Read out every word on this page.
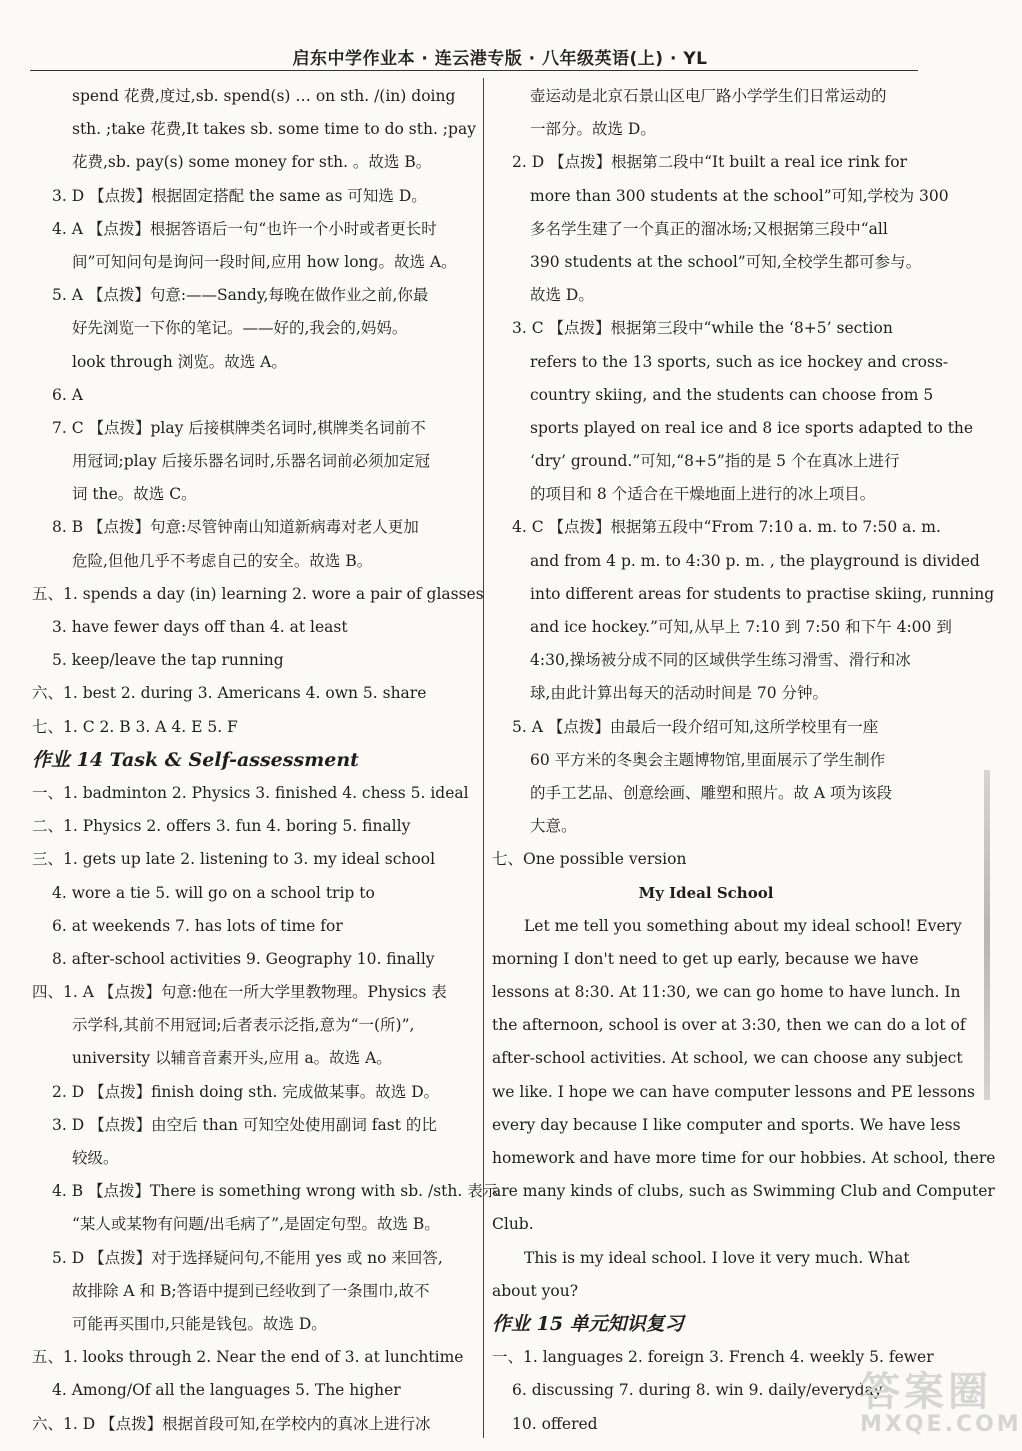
启东中学作业本 · 连云港专版 · 八年级英语(上) · YL
spend 花费,度过,sb. spend(s) … on sth. /(in) doing
sth. ;take 花费,It takes sb. some time to do sth. ;pay
花费,sb. pay(s) some money for sth. 。故选 B。
3. D 【点拨】根据固定搭配 the same as 可知选 D。
4. A 【点拨】根据答语后一句“也许一个小时或者更长时
间”可知问句是询问一段时间,应用 how long。故选 A。
5. A 【点拨】句意:——Sandy,每晚在做作业之前,你最
好先浏览一下你的笔记。——好的,我会的,妈妈。
look through 浏览。故选 A。
6. A
7. C 【点拨】play 后接棋牌类名词时,棋牌类名词前不
用冠词;play 后接乐器名词时,乐器名词前必须加定冠
词 the。故选 C。
8. B 【点拨】句意:尽管钟南山知道新病毒对老人更加
危险,但他几乎不考虑自己的安全。故选 B。
五、1. spends a day (in) learning 2. wore a pair of glasses
3. have fewer days off than 4. at least
5. keep/leave the tap running
六、1. best 2. during 3. Americans 4. own 5. share
七、1. C 2. B 3. A 4. E 5. F
作业 14 Task & Self-assessment
一、1. badminton 2. Physics 3. finished 4. chess 5. ideal
二、1. Physics 2. offers 3. fun 4. boring 5. finally
三、1. gets up late 2. listening to 3. my ideal school
4. wore a tie 5. will go on a school trip to
6. at weekends 7. has lots of time for
8. after-school activities 9. Geography 10. finally
四、1. A 【点拨】句意:他在一所大学里教物理。Physics 表
示学科,其前不用冠词;后者表示泛指,意为“一(所)”,
university 以辅音音素开头,应用 a。故选 A。
2. D 【点拨】finish doing sth. 完成做某事。故选 D。
3. D 【点拨】由空后 than 可知空处使用副词 fast 的比
较级。
4. B 【点拨】There is something wrong with sb. /sth. 表示
“某人或某物有问题/出毛病了”,是固定句型。故选 B。
5. D 【点拨】对于选择疑问句,不能用 yes 或 no 来回答,
故排除 A 和 B;答语中提到已经收到了一条围巾,故不
可能再买围巾,只能是钱包。故选 D。
五、1. looks through 2. Near the end of 3. at lunchtime
4. Among/Of all the languages 5. The higher
六、1. D 【点拨】根据首段可知,在学校内的真冰上进行冰
壶运动是北京石景山区电厂路小学学生们日常运动的
一部分。故选 D。
2. D 【点拨】根据第二段中“It built a real ice rink for
more than 300 students at the school”可知,学校为 300
多名学生建了一个真正的溜冰场;又根据第三段中“all
390 students at the school”可知,全校学生都可参与。
故选 D。
3. C 【点拨】根据第三段中“while the ‘8+5’ section
refers to the 13 sports, such as ice hockey and cross-
country skiing, and the students can choose from 5
sports played on real ice and 8 ice sports adapted to the
‘dry’ ground.”可知,“8+5”指的是 5 个在真冰上进行
的项目和 8 个适合在干燥地面上进行的冰上项目。
4. C 【点拨】根据第五段中“From 7:10 a. m. to 7:50 a. m.
and from 4 p. m. to 4:30 p. m. , the playground is divided
into different areas for students to practise skiing, running
and ice hockey.”可知,从早上 7:10 到 7:50 和下午 4:00 到
4:30,操场被分成不同的区域供学生练习滑雪、滑行和冰
球,由此计算出每天的活动时间是 70 分钟。
5. A 【点拨】由最后一段介绍可知,这所学校里有一座
60 平方米的冬奥会主题博物馆,里面展示了学生制作
的手工艺品、创意绘画、雕塑和照片。故 A 项为该段
大意。
七、One possible version
My Ideal School
Let me tell you something about my ideal school! Every
morning I don't need to get up early, because we have
lessons at 8:30. At 11:30, we can go home to have lunch. In
the afternoon, school is over at 3:30, then we can do a lot of
after-school activities. At school, we can choose any subject
we like. I hope we can have computer lessons and PE lessons
every day because I like computer and sports. We have less
homework and have more time for our hobbies. At school, there
are many kinds of clubs, such as Swimming Club and Computer
Club.
This is my ideal school. I love it very much. What
about you?
作业 15 单元知识复习
一、1. languages 2. foreign 3. French 4. weekly 5. fewer
6. discussing 7. during 8. win 9. daily/everyday
10. offered
答案圈
MXQE.COM
